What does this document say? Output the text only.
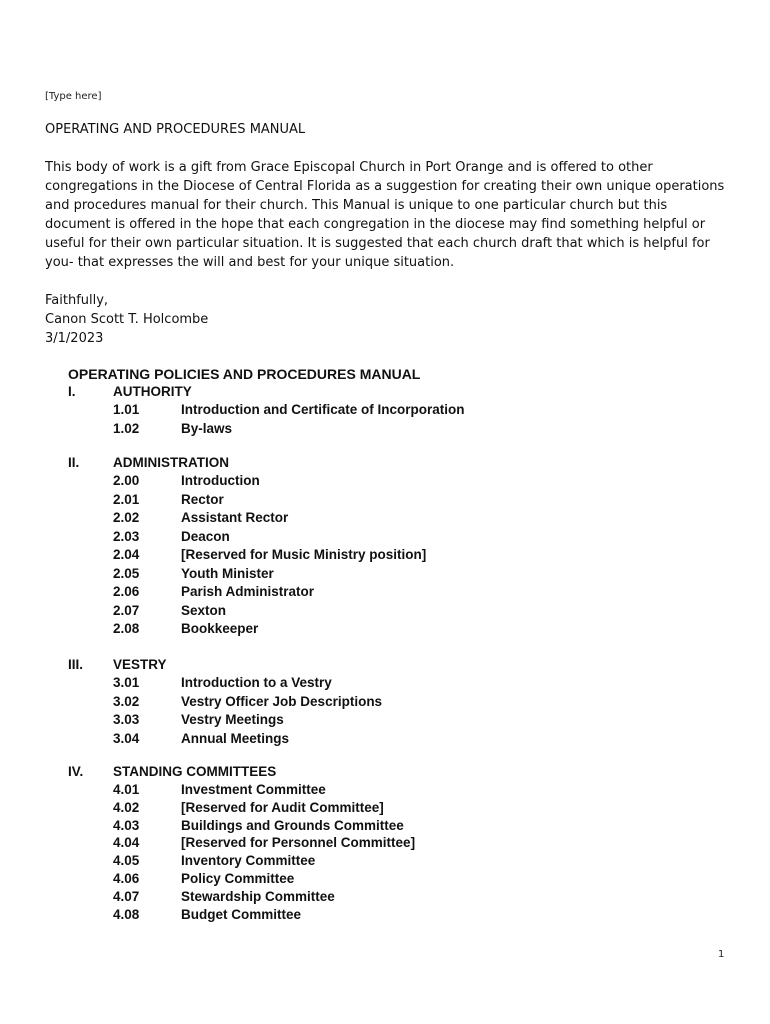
[Type here]
OPERATING AND PROCEDURES MANUAL

This body of work is a gift from Grace Episcopal Church in Port Orange and is offered to other congregations in the Diocese of Central Florida as a suggestion for creating their own unique operations and procedures manual for their church. This Manual is unique to one particular church but this document is offered in the hope that each congregation in the diocese may find something helpful or useful for their own particular situation. It is suggested that each church draft that which is helpful for you- that expresses the will and best for your unique situation.

Faithfully,
Canon Scott T. Holcombe
3/1/2023
OPERATING POLICIES AND PROCEDURES MANUAL
I.	AUTHORITY
1.01	Introduction and Certificate of Incorporation
1.02	By-laws
II. ADMINISTRATION
2.00	Introduction
2.01	Rector
2.02	Assistant Rector
2.03	Deacon
2.04	[Reserved for Music Ministry position]
2.05	Youth Minister
2.06	Parish Administrator
2.07	Sexton
2.08	Bookkeeper
III. VESTRY
3.01	Introduction to a Vestry
3.02	Vestry Officer Job Descriptions
3.03	Vestry Meetings
3.04	Annual Meetings
IV. STANDING COMMITTEES
4.01	Investment Committee
4.02	[Reserved for Audit Committee]
4.03	Buildings and Grounds Committee
4.04	[Reserved for Personnel Committee]
4.05	Inventory Committee
4.06	Policy Committee
4.07	Stewardship Committee
4.08	Budget Committee
1
